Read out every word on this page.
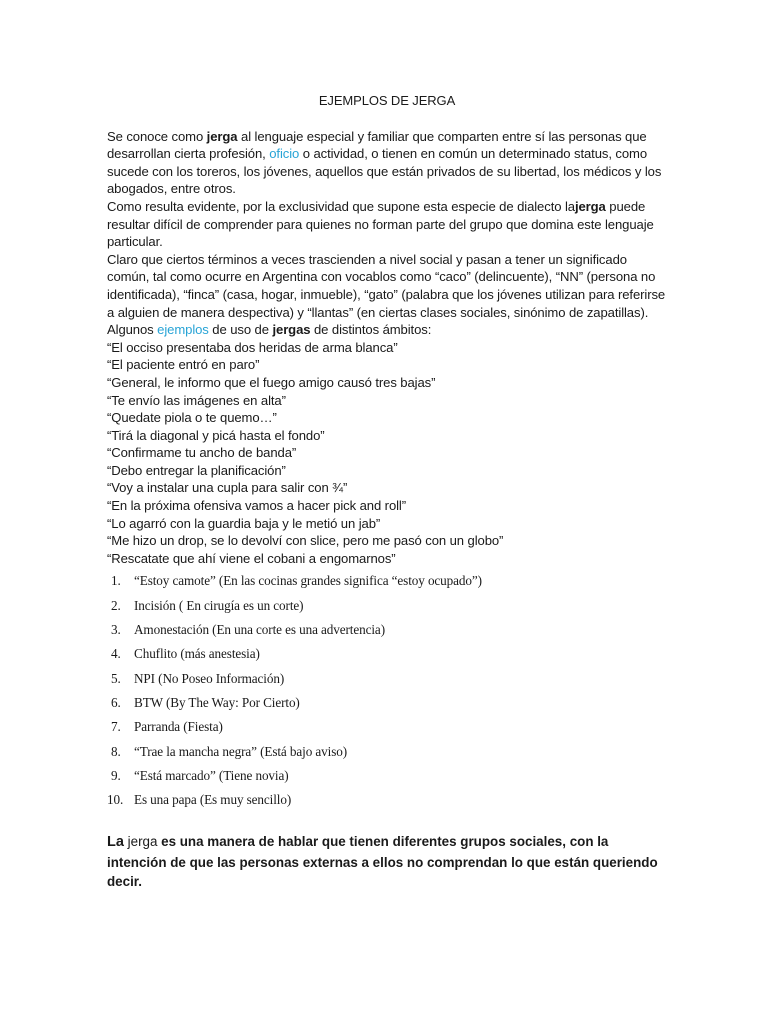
EJEMPLOS DE JERGA

Se conoce como jerga al lenguaje especial y familiar que comparten entre sí las personas que desarrollan cierta profesión, oficio o actividad, o tienen en común un determinado status, como sucede con los toreros, los jóvenes, aquellos que están privados de su libertad, los médicos y los abogados, entre otros.

Como resulta evidente, por la exclusividad que supone esta especie de dialecto lajerga puede resultar difícil de comprender para quienes no forman parte del grupo que domina este lenguaje particular.

Claro que ciertos términos a veces trascienden a nivel social y pasan a tener un significado común, tal como ocurre en Argentina con vocablos como “caco” (delincuente), “NN” (persona no identificada), “finca” (casa, hogar, inmueble), “gato” (palabra que los jóvenes utilizan para referirse a alguien de manera despectiva) y “llantas” (en ciertas clases sociales, sinónimo de zapatillas).

Algunos ejemplos de uso de jergas de distintos ámbitos:

“El occiso presentaba dos heridas de arma blanca”

“El paciente entró en paro”

“General, le informo que el fuego amigo causó tres bajas”

“Te envío las imágenes en alta”

“Quedate piola o te quemo…”

“Tirá la diagonal y picá hasta el fondo”

“Confirmame tu ancho de banda”

“Debo entregar la planificación”

“Voy a instalar una cupla para salir con ¾”

“En la próxima ofensiva vamos a hacer pick and roll”

“Lo agarró con la guardia baja y le metió un jab”

“Me hizo un drop, se lo devolví con slice, pero me pasó con un globo”

“Rescatate que ahí viene el cobani a engomarnos”

1. “Estoy camote” (En las cocinas grandes significa “estoy ocupado”)
2. Incisión ( En cirugía es un corte)
3. Amonestación (En una corte es una advertencia)
4. Chuflito (más anestesia)
5. NPI (No Poseo Información)
6. BTW (By The Way: Por Cierto)
7. Parranda (Fiesta)
8. “Trae la mancha negra” (Está bajo aviso)
9. “Está marcado” (Tiene novia)
10. Es una papa (Es muy sencillo)

La jerga es una manera de hablar que tienen diferentes grupos sociales, con la intención de que las personas externas a ellos no comprendan lo que están queriendo decir.
